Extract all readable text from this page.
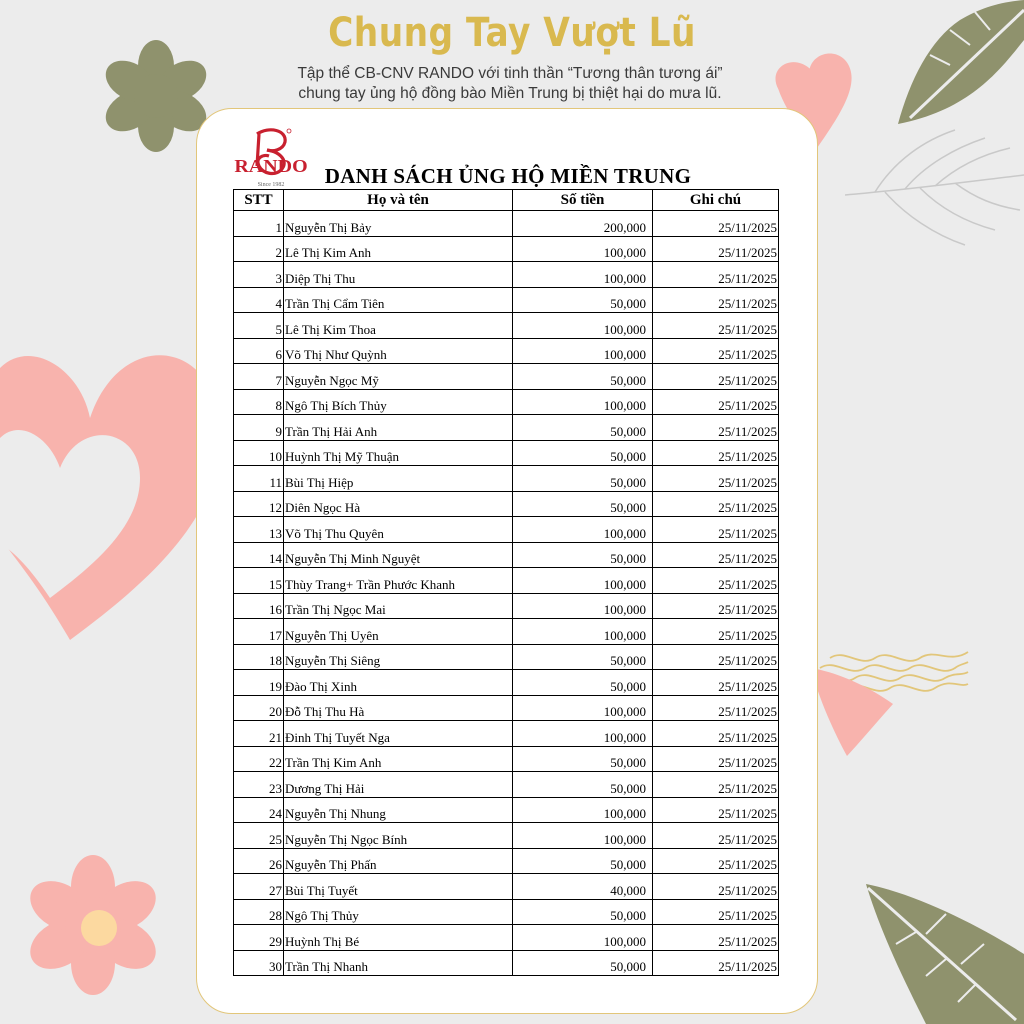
Chung Tay Vượt Lũ
Tập thể CB-CNV RANDO với tinh thần “Tương thân tương ái”
chung tay ủng hộ đồng bào Miền Trung bị thiệt hại do mưa lũ.
RANDO
Since 1982	DANH SÁCH ỦNG HỘ MIỀN TRUNG
STT	Họ và tên	Số tiền	Ghi chú
1	Nguyễn Thị Bảy	200,000	25/11/2025
2	Lê Thị Kim Anh	100,000	25/11/2025
3	Diệp Thị Thu	100,000	25/11/2025
4	Trần Thị Cẩm Tiên	50,000	25/11/2025
5	Lê Thị Kim Thoa	100,000	25/11/2025
6	Võ Thị Như Quỳnh	100,000	25/11/2025
7	Nguyễn Ngọc Mỹ	50,000	25/11/2025
8	Ngô Thị Bích Thủy	100,000	25/11/2025
9	Trần Thị Hải Anh	50,000	25/11/2025
10	Huỳnh Thị Mỹ Thuận	50,000	25/11/2025
11	Bùi Thị Hiệp	50,000	25/11/2025
12	Diên Ngọc Hà	50,000	25/11/2025
13	Võ Thị Thu Quyên	100,000	25/11/2025
14	Nguyễn Thị Minh Nguyệt	50,000	25/11/2025
15	Thùy Trang+ Trần Phước Khanh	100,000	25/11/2025
16	Trần Thị Ngọc Mai	100,000	25/11/2025
17	Nguyễn Thị Uyên	100,000	25/11/2025
18	Nguyễn Thị Siêng	50,000	25/11/2025
19	Đào Thị Xinh	50,000	25/11/2025
20	Đỗ Thị Thu Hà	100,000	25/11/2025
21	Đinh Thị Tuyết Nga	100,000	25/11/2025
22	Trần Thị Kim Anh	50,000	25/11/2025
23	Dương Thị Hải	50,000	25/11/2025
24	Nguyễn Thị Nhung	100,000	25/11/2025
25	Nguyễn Thị Ngọc Bính	100,000	25/11/2025
26	Nguyễn Thị Phấn	50,000	25/11/2025
27	Bùi Thị Tuyết	40,000	25/11/2025
28	Ngô Thị Thủy	50,000	25/11/2025
29	Huỳnh Thị Bé	100,000	25/11/2025
30	Trần Thị Nhanh	50,000	25/11/2025
